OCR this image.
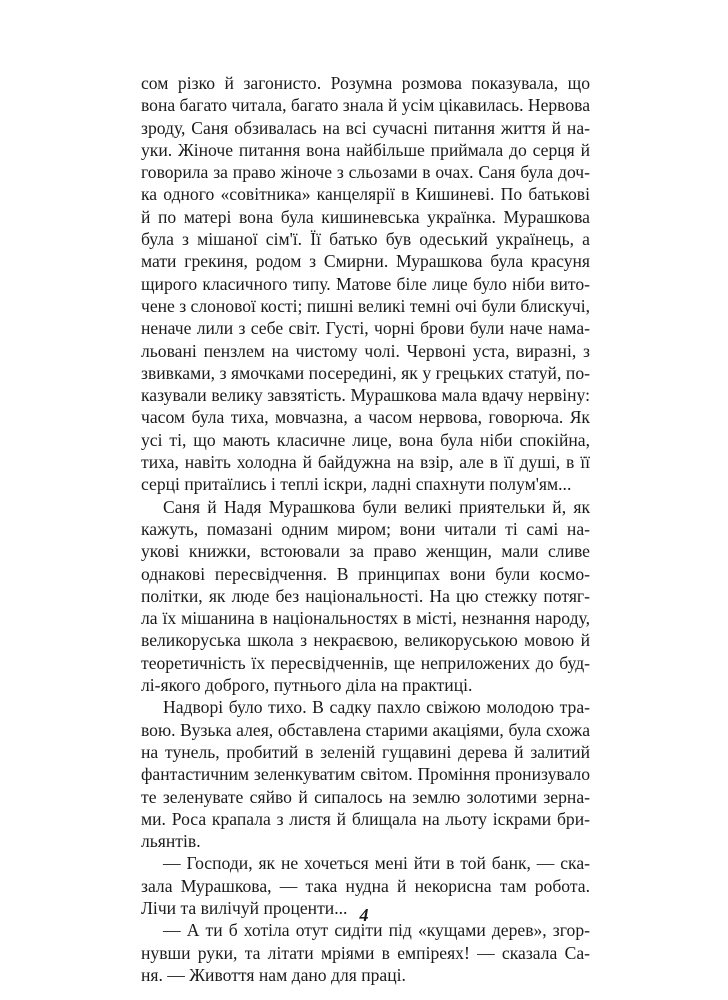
сом різко й загонисто. Розумна розмова показувала, що
вона багато читала, багато знала й усім цікавилась. Нервова
зроду, Саня обзивалась на всі сучасні питання життя й на-
уки. Жіноче питання вона найбільше приймала до серця й
говорила за право жіноче з сльозами в очах. Саня була доч-
ка одного «совітника» канцелярії в Кишиневі. По батькові
й по матері вона була кишиневська українка. Мурашкова
була з мішаної сім'ї. Її батько був одеський українець, а
мати грекиня, родом з Смирни. Мурашкова була красуня
щирого класичного типу. Матове біле лице було ніби вито-
чене з слонової кості; пишні великі темні очі були блискучі,
неначе лили з себе світ. Густі, чорні брови були наче нама-
льовані пензлем на чистому чолі. Червоні уста, виразні, з
звивками, з ямочками посередині, як у грецьких статуй, по-
казували велику завзятість. Мурашкова мала вдачу нервіну:
часом була тиха, мовчазна, а часом нервова, говорюча. Як
усі ті, що мають класичне лице, вона була ніби спокійна,
тиха, навіть холодна й байдужна на взір, але в її душі, в її
серці притаїлись і теплі іскри, ладні спахнути полум'ям...
Саня й Надя Мурашкова були великі приятельки й, як
кажуть, помазані одним миром; вони читали ті самі на-
укові книжки, встоювали за право женщин, мали сливе
однакові пересвідчення. В принципах вони були космо-
політки, як люде без національності. На цю стежку потяг-
ла їх мішанина в національностях в місті, незнання народу,
великоруська школа з некраєвою, великоруською мовою й
теоретичність їх пересвідченнів, ще неприложених до буд-
лі-якого доброго, путнього діла на практиці.
Надворі було тихо. В садку пахло свіжою молодою тра-
вою. Вузька алея, обставлена старими акаціями, була схожа
на тунель, пробитий в зеленій гущавині дерева й залитий
фантастичним зеленкуватим світом. Проміння пронизувало
те зеленувате сяйво й сипалось на землю золотими зерна-
ми. Роса крапала з листя й блищала на льоту іскрами бри-
льянтів.
— Господи, як не хочеться мені йти в той банк, — ска-
зала Мурашкова, — така нудна й некорисна там робота.
Лічи та вилічуй проценти...
— А ти б хотіла отут сидіти під «кущами дерев», згор-
нувши руки, та літати мріями в емпіреях! — сказала Са-
ня. — Живоття нам дано для праці.
4
